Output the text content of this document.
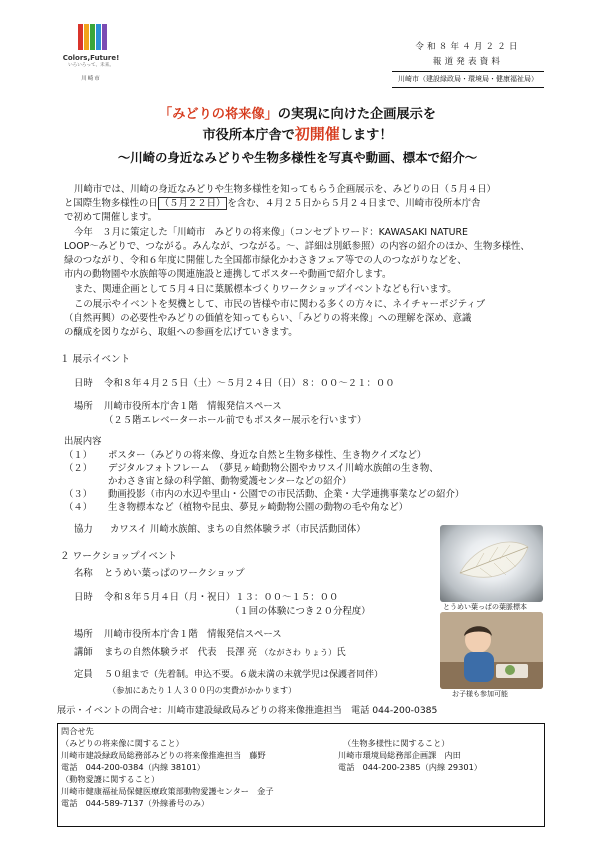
Colors,Future!
いろいろって、未来。
川崎市
令和８年４月２２日
報道発表資料
川崎市（建設緑政局・環境局・健康福祉局）
「みどりの将来像」の実現に向けた企画展示を
市役所本庁舎で初開催します！
～川崎の身近なみどりや生物多様性を写真や動画、標本で紹介～
川崎市では、川崎の身近なみどりや生物多様性を知ってもらう企画展示を、みどりの日（５月４日）
と国際生物多様性の日 （５月２２日） を含む、４月２５日から５月２４日まで、川崎市役所本庁舎
で初めて開催します。
今年　３月に策定した「川崎市　みどりの将来像」（コンセプトワード：KAWASAKI NATURE
LOOP～みどりで、つながる。みんなが、つながる。～、詳細は別紙参照）の内容の紹介のほか、生物多様性、
緑のつながり、令和６年度に開催した全国都市緑化かわさきフェア等での人のつながりなどを、
市内の動物園や水族館等の関連施設と連携してポスターや動画で紹介します。
また、関連企画として５月４日に葉脈標本づくりワークショップイベントなども行います。
この展示やイベントを契機として、市民の皆様や市に関わる多くの方々に、ネイチャーポジティブ
（自然再興）の必要性やみどりの価値を知ってもらい、「みどりの将来像」への理解を深め、意識
の醸成を図りながら、取組への参画を広げていきます。
１ 展示イベント
日時 令和８年４月２５日（土）～５月２４日（日）８：００～２１：００
場所 川崎市役所本庁舎１階　情報発信スペース
（２５階エレベーターホール前でもポスター展示を行います）
出展内容
（１） ポスター（みどりの将来像、身近な自然と生物多様性、生き物クイズなど）
（２） デジタルフォトフレーム　（夢見ヶ崎動物公園やカワスイ川崎水族館の生き物、
かわさき宙と緑の科学館、動物愛護センターなどの紹介）
（３） 動画投影（市内の水辺や里山・公園での市民活動、企業・大学連携事業などの紹介）
（４） 生き物標本など（植物や昆虫、夢見ヶ崎動物公園の動物の毛や角など）
協力 カワスイ 川崎水族館、まちの自然体験ラボ（市民活動団体）
２ ワークショップイベント
名称 とうめい葉っぱのワークショップ
日時 令和８年５月４日（月・祝日）１３：００～１５：００
（１回の体験につき２０分程度）
場所 川崎市役所本庁舎１階　情報発信スペース
講師 まちの自然体験ラボ　代表　長澤 亮 （ながさわ りょう）氏
定員 ５０組まで（先着制。申込不要。６歳未満の未就学児は保護者同伴）
（参加にあたり１人３００円の実費がかかります）
とうめい葉っぱの葉脈標本
お子様も参加可能
展示・イベントの問合せ：川崎市建設緑政局みどりの将来像推進担当　電話 044-200-0385
問合せ先
（みどりの将来像に関すること）
川崎市建設緑政局総務部みどりの将来像推進担当　藤野
電話　044-200-0384（内線 38101）
（生物多様性に関すること）
川崎市環境局総務部企画課　内田
電話　044-200-2385（内線 29301）
（動物愛護に関すること）
川崎市健康福祉局保健医療政策部動物愛護センター　金子
電話　044-589-7137（外線番号のみ）
